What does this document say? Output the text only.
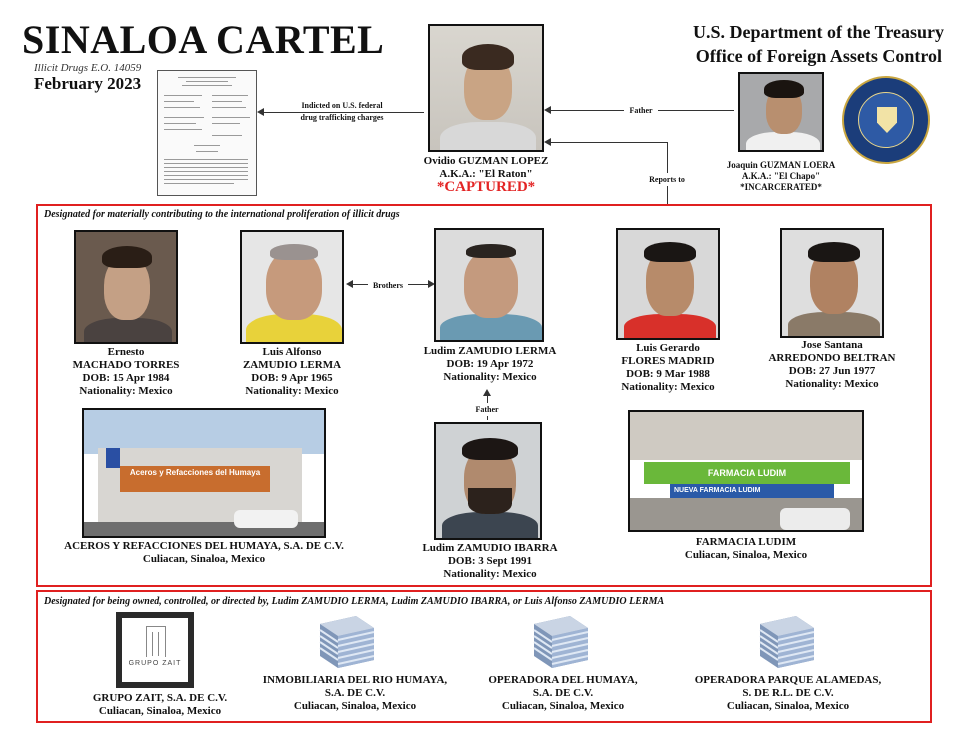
SINALOA CARTEL
Illicit Drugs E.O. 14059
February 2023
U.S. Department of the Treasury
Office of Foreign Assets Control
Indicted on U.S. federal
drug trafficking charges
Ovidio GUZMAN LOPEZ
A.K.A.: "El Raton"
*CAPTURED*
Father
Joaquin GUZMAN LOERA
A.K.A.: "El Chapo"
*INCARCERATED*
Reports to
Designated for materially contributing to the international proliferation of illicit drugs
Ernesto
MACHADO TORRES
DOB: 15 Apr 1984
Nationality: Mexico
Luis Alfonso
ZAMUDIO LERMA
DOB: 9 Apr 1965
Nationality: Mexico
Brothers
Ludim ZAMUDIO LERMA
DOB: 19 Apr 1972
Nationality: Mexico
Father
Luis Gerardo
FLORES MADRID
DOB: 9 Mar 1988
Nationality: Mexico
Jose Santana
ARREDONDO BELTRAN
DOB: 27 Jun 1977
Nationality: Mexico
Aceros y Refacciones del Humaya
ACEROS Y REFACCIONES DEL HUMAYA, S.A. DE C.V.
Culiacan, Sinaloa, Mexico
Ludim ZAMUDIO IBARRA
DOB: 3 Sept 1991
Nationality: Mexico
FARMACIA LUDIM
NUEVA FARMACIA LUDIM
FARMACIA LUDIM
Culiacan, Sinaloa, Mexico
Designated for being owned, controlled, or directed by, Ludim ZAMUDIO LERMA, Ludim ZAMUDIO IBARRA, or Luis Alfonso ZAMUDIO LERMA
GRUPO ZAIT
GRUPO ZAIT, S.A. DE C.V.
Culiacan, Sinaloa, Mexico
INMOBILIARIA DEL RIO HUMAYA,
S.A. DE C.V.
Culiacan, Sinaloa, Mexico
OPERADORA DEL HUMAYA,
S.A. DE C.V.
Culiacan, Sinaloa, Mexico
OPERADORA PARQUE ALAMEDAS,
S. DE R.L. DE C.V.
Culiacan, Sinaloa, Mexico
